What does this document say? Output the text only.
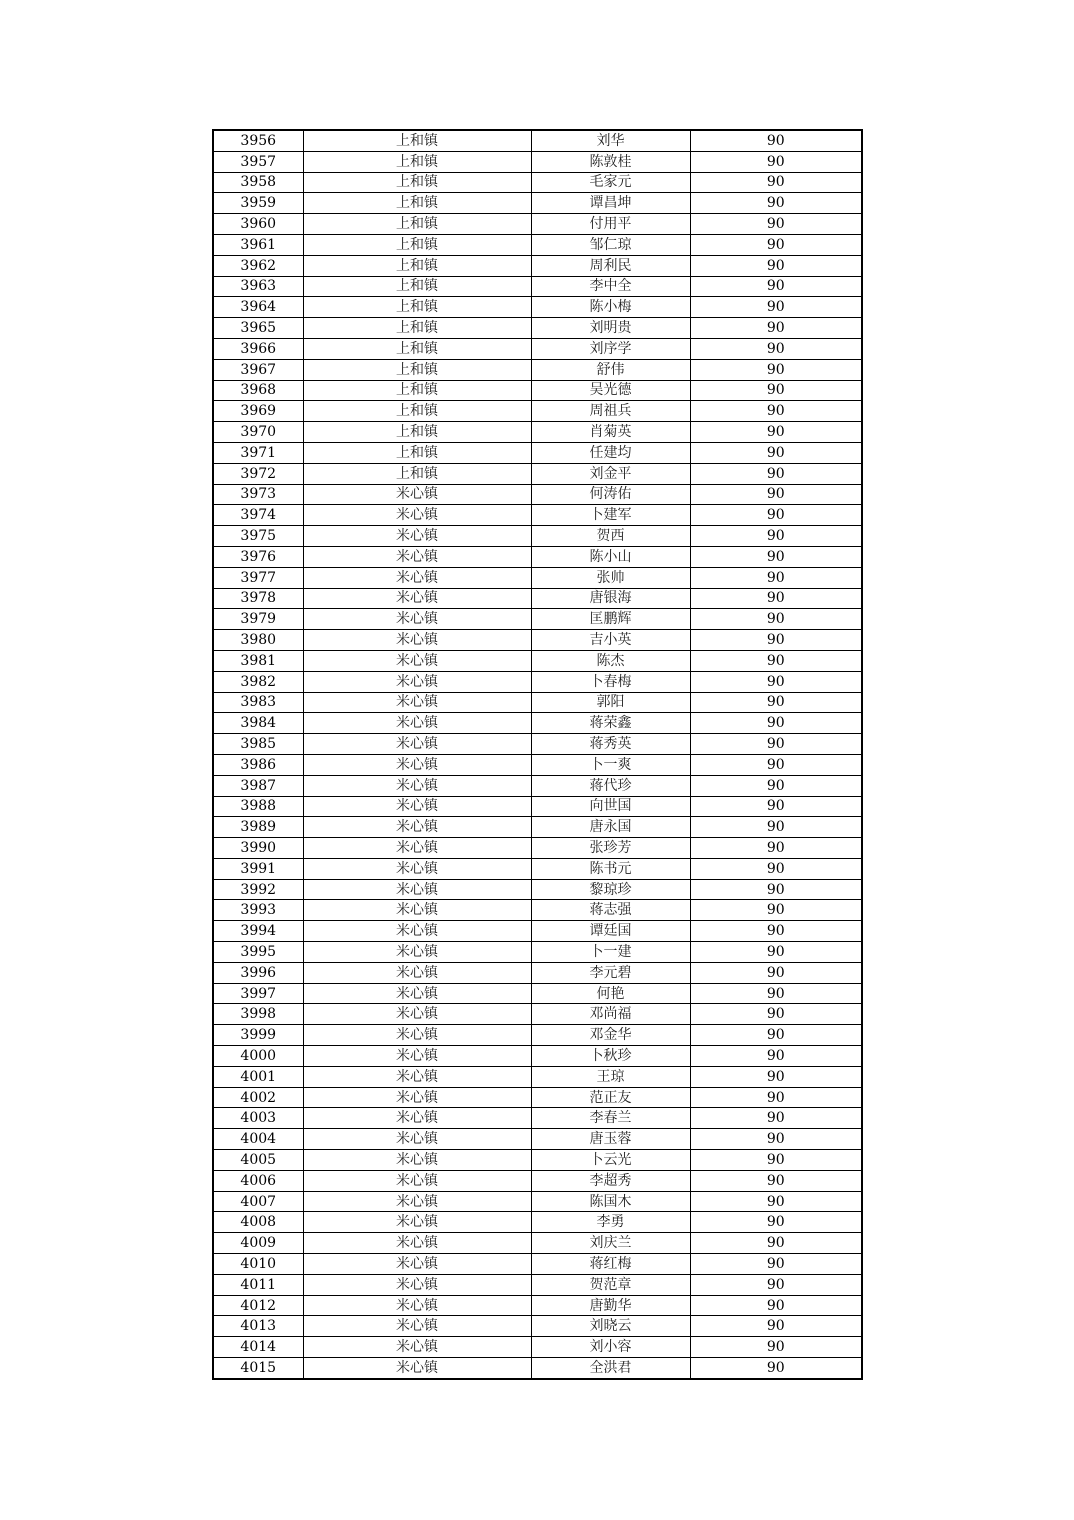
3956	上和镇	刘华	90
3957	上和镇	陈敦桂	90
3958	上和镇	毛家元	90
3959	上和镇	谭昌坤	90
3960	上和镇	付用平	90
3961	上和镇	邹仁琼	90
3962	上和镇	周利民	90
3963	上和镇	李中全	90
3964	上和镇	陈小梅	90
3965	上和镇	刘明贵	90
3966	上和镇	刘序学	90
3967	上和镇	舒伟	90
3968	上和镇	吴光德	90
3969	上和镇	周祖兵	90
3970	上和镇	肖菊英	90
3971	上和镇	任建均	90
3972	上和镇	刘金平	90
3973	米心镇	何涛佑	90
3974	米心镇	卜建军	90
3975	米心镇	贺西	90
3976	米心镇	陈小山	90
3977	米心镇	张帅	90
3978	米心镇	唐银海	90
3979	米心镇	匡鹏辉	90
3980	米心镇	吉小英	90
3981	米心镇	陈杰	90
3982	米心镇	卜春梅	90
3983	米心镇	郭阳	90
3984	米心镇	蒋荣鑫	90
3985	米心镇	蒋秀英	90
3986	米心镇	卜一爽	90
3987	米心镇	蒋代珍	90
3988	米心镇	向世国	90
3989	米心镇	唐永国	90
3990	米心镇	张珍芳	90
3991	米心镇	陈书元	90
3992	米心镇	黎琼珍	90
3993	米心镇	蒋志强	90
3994	米心镇	谭廷国	90
3995	米心镇	卜一建	90
3996	米心镇	李元碧	90
3997	米心镇	何艳	90
3998	米心镇	邓尚福	90
3999	米心镇	邓金华	90
4000	米心镇	卜秋珍	90
4001	米心镇	王琼	90
4002	米心镇	范正友	90
4003	米心镇	李春兰	90
4004	米心镇	唐玉蓉	90
4005	米心镇	卜云光	90
4006	米心镇	李超秀	90
4007	米心镇	陈国木	90
4008	米心镇	李勇	90
4009	米心镇	刘庆兰	90
4010	米心镇	蒋红梅	90
4011	米心镇	贺范章	90
4012	米心镇	唐勤华	90
4013	米心镇	刘晓云	90
4014	米心镇	刘小容	90
4015	米心镇	全洪君	90
